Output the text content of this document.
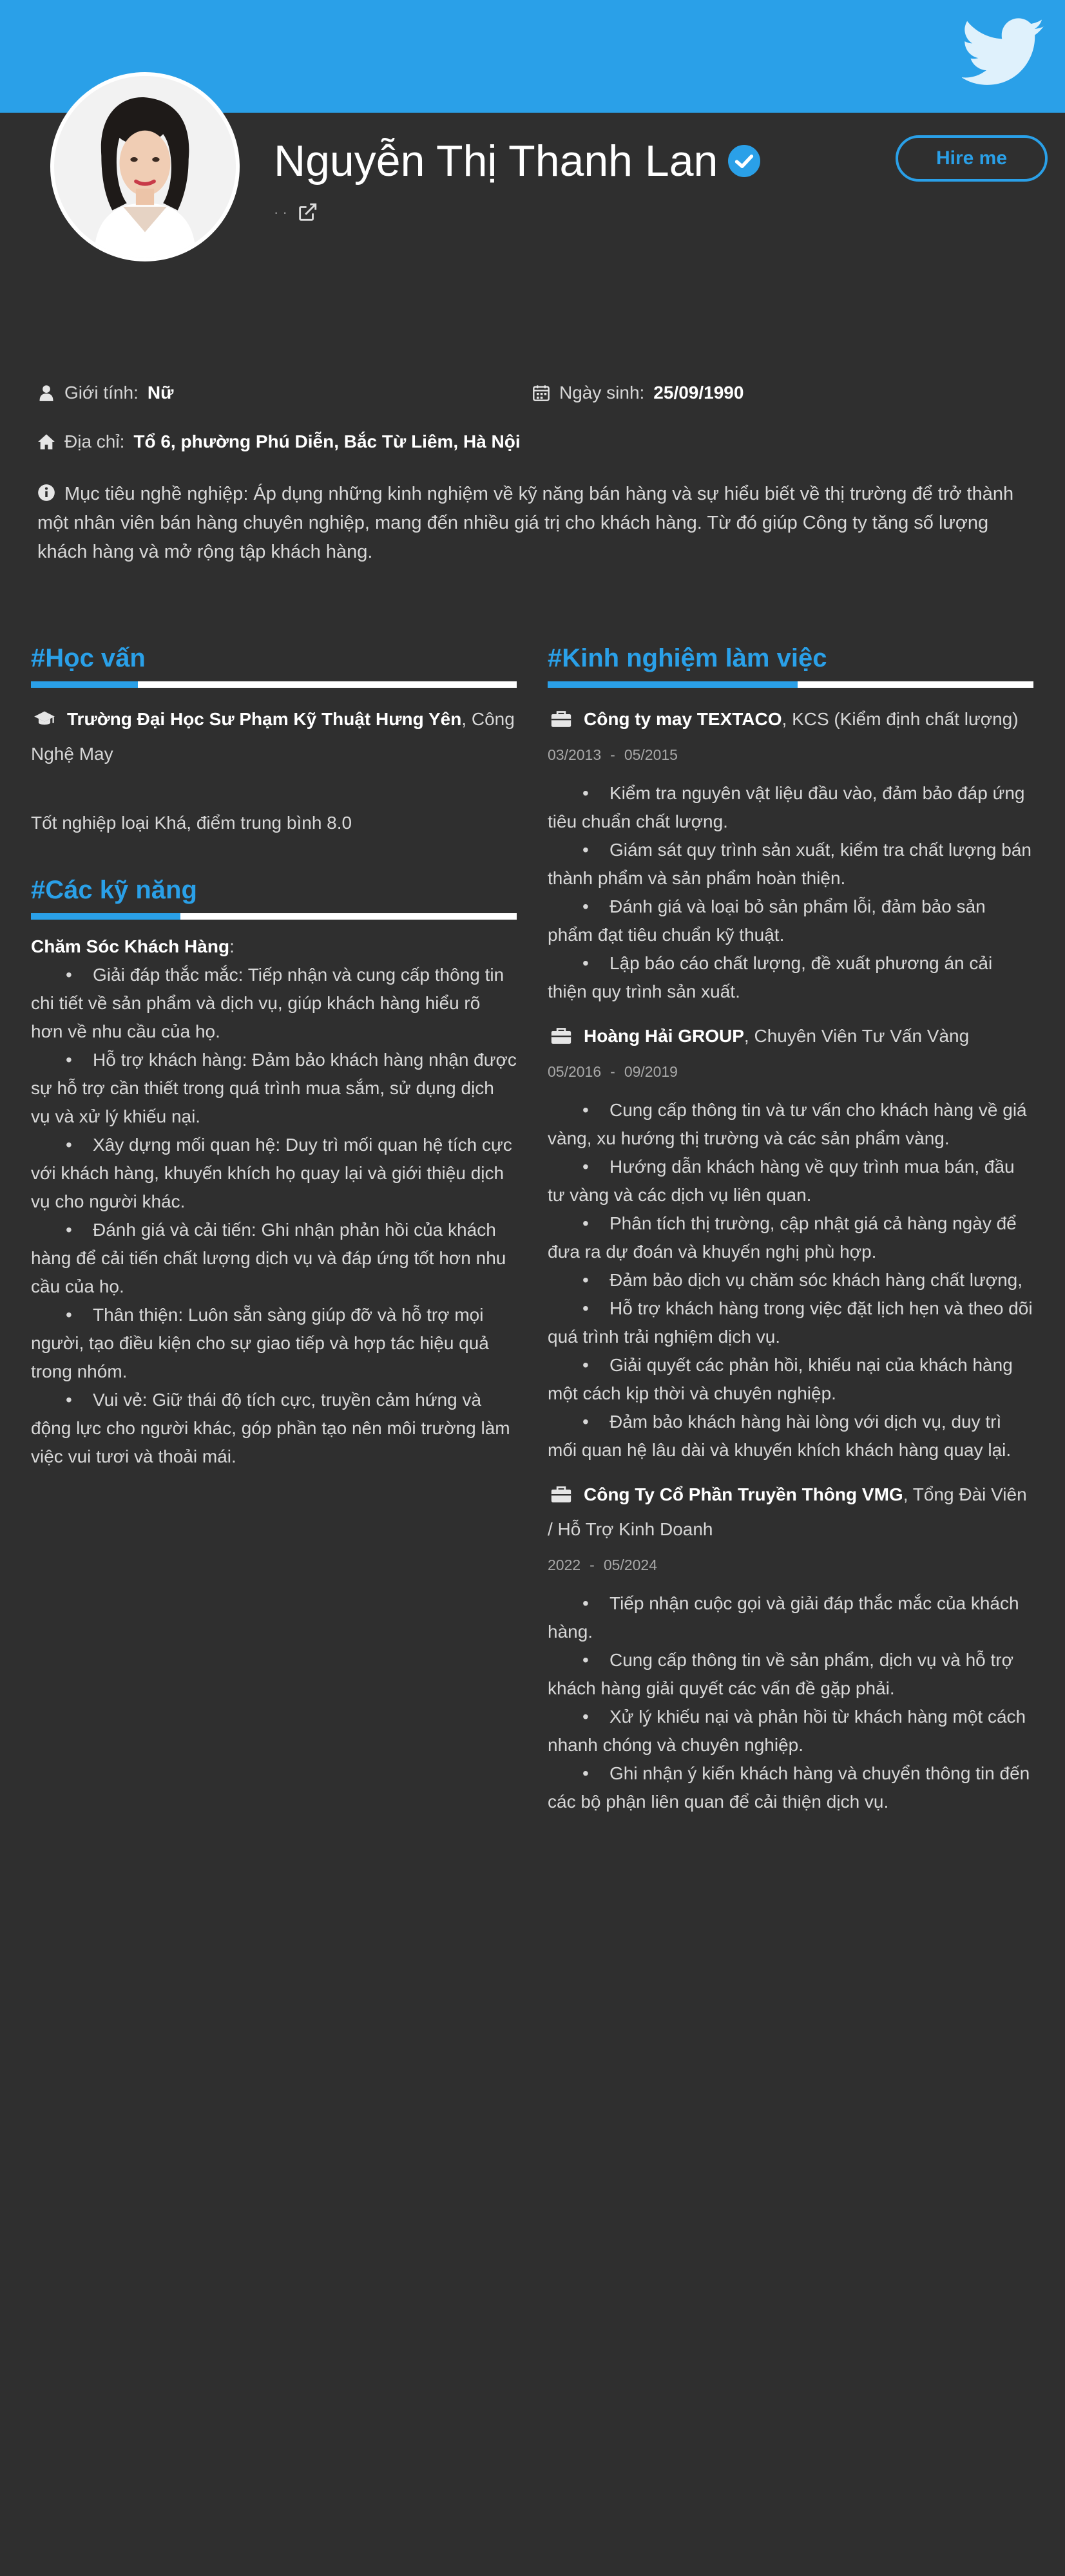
Nguyễn Thị Thanh Lan
· ·
Hire me
Giới tính: Nữ	Ngày sinh: 25/09/1990
Địa chỉ: Tổ 6, phường Phú Diễn, Bắc Từ Liêm, Hà Nội
Mục tiêu nghề nghiệp: Áp dụng những kinh nghiệm về kỹ năng bán hàng và sự hiểu biết về thị trường để trở thành một nhân viên bán hàng chuyên nghiệp, mang đến nhiều giá trị cho khách hàng. Từ đó giúp Công ty tăng số lượng khách hàng và mở rộng tập khách hàng.
#Học vấn
Trường Đại Học Sư Phạm Kỹ Thuật Hưng Yên, Công Nghệ May
Tốt nghiệp loại Khá, điểm trung bình 8.0
#Các kỹ năng
Chăm Sóc Khách Hàng:
• Giải đáp thắc mắc: Tiếp nhận và cung cấp thông tin chi tiết về sản phẩm và dịch vụ, giúp khách hàng hiểu rõ hơn về nhu cầu của họ.
• Hỗ trợ khách hàng: Đảm bảo khách hàng nhận được sự hỗ trợ cần thiết trong quá trình mua sắm, sử dụng dịch vụ và xử lý khiếu nại.
• Xây dựng mối quan hệ: Duy trì mối quan hệ tích cực với khách hàng, khuyến khích họ quay lại và giới thiệu dịch vụ cho người khác.
• Đánh giá và cải tiến: Ghi nhận phản hồi của khách hàng để cải tiến chất lượng dịch vụ và đáp ứng tốt hơn nhu cầu của họ.
• Thân thiện: Luôn sẵn sàng giúp đỡ và hỗ trợ mọi người, tạo điều kiện cho sự giao tiếp và hợp tác hiệu quả trong nhóm.
• Vui vẻ: Giữ thái độ tích cực, truyền cảm hứng và động lực cho người khác, góp phần tạo nên môi trường làm việc vui tươi và thoải mái.
#Kinh nghiệm làm việc
Công ty may TEXTACO, KCS (Kiểm định chất lượng)
03/2013 - 05/2015
• Kiểm tra nguyên vật liệu đầu vào, đảm bảo đáp ứng tiêu chuẩn chất lượng.
• Giám sát quy trình sản xuất, kiểm tra chất lượng bán thành phẩm và sản phẩm hoàn thiện.
• Đánh giá và loại bỏ sản phẩm lỗi, đảm bảo sản phẩm đạt tiêu chuẩn kỹ thuật.
• Lập báo cáo chất lượng, đề xuất phương án cải thiện quy trình sản xuất.
Hoàng Hải GROUP, Chuyên Viên Tư Vấn Vàng
05/2016 - 09/2019
• Cung cấp thông tin và tư vấn cho khách hàng về giá vàng, xu hướng thị trường và các sản phẩm vàng.
• Hướng dẫn khách hàng về quy trình mua bán, đầu tư vàng và các dịch vụ liên quan.
• Phân tích thị trường, cập nhật giá cả hàng ngày để đưa ra dự đoán và khuyến nghị phù hợp.
• Đảm bảo dịch vụ chăm sóc khách hàng chất lượng,
• Hỗ trợ khách hàng trong việc đặt lịch hẹn và theo dõi quá trình trải nghiệm dịch vụ.
• Giải quyết các phản hồi, khiếu nại của khách hàng một cách kịp thời và chuyên nghiệp.
• Đảm bảo khách hàng hài lòng với dịch vụ, duy trì mối quan hệ lâu dài và khuyến khích khách hàng quay lại.
Công Ty Cổ Phần Truyền Thông VMG, Tổng Đài Viên / Hỗ Trợ Kinh Doanh
2022 - 05/2024
• Tiếp nhận cuộc gọi và giải đáp thắc mắc của khách hàng.
• Cung cấp thông tin về sản phẩm, dịch vụ và hỗ trợ khách hàng giải quyết các vấn đề gặp phải.
• Xử lý khiếu nại và phản hồi từ khách hàng một cách nhanh chóng và chuyên nghiệp.
• Ghi nhận ý kiến khách hàng và chuyển thông tin đến các bộ phận liên quan để cải thiện dịch vụ.
